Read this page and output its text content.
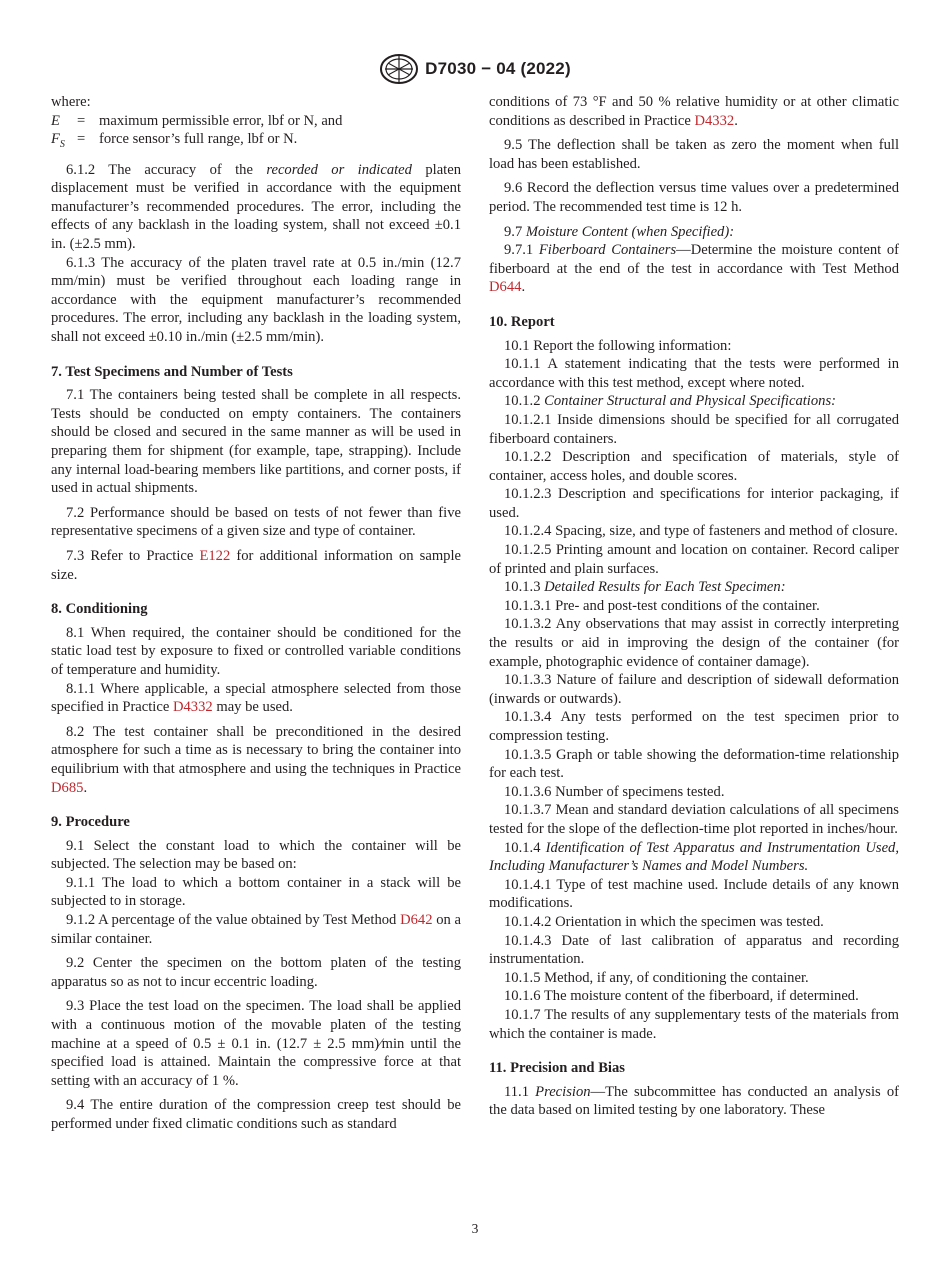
D7030 − 04 (2022)

where:

E	= maximum permissible error, lbf or N, and
$F_S$ = force sensor’s full range, lbf or N.

6.1.2 The accuracy of the recorded or indicated platen displacement must be verified in accordance with the equipment manufacturer’s recommended procedures. The error, including the effects of any backlash in the loading system, shall not exceed ±0.1 in. (±2.5 mm).

6.1.3 The accuracy of the platen travel rate at 0.5 in./min (12.7 mm/min) must be verified throughout each loading range in accordance with the equipment manufacturer’s recommended procedures. The error, including any backlash in the loading system, shall not exceed ±0.10 in./min (±2.5 mm/min).

7. Test Specimens and Number of Tests

7.1 The containers being tested shall be complete in all respects. Tests should be conducted on empty containers. The containers should be closed and secured in the same manner as will be used in preparing them for shipment (for example, tape, strapping). Include any internal load-bearing members like partitions, and corner posts, if used in actual shipments.

7.2 Performance should be based on tests of not fewer than five representative specimens of a given size and type of container.

7.3 Refer to Practice E122 for additional information on sample size.

8. Conditioning

8.1 When required, the container should be conditioned for the static load test by exposure to fixed or controlled variable conditions of temperature and humidity.

8.1.1 Where applicable, a special atmosphere selected from those specified in Practice D4332 may be used.

8.2 The test container shall be preconditioned in the desired atmosphere for such a time as is necessary to bring the container into equilibrium with that atmosphere and using the techniques in Practice D685.

9. Procedure

9.1 Select the constant load to which the container will be subjected. The selection may be based on:

9.1.1 The load to which a bottom container in a stack will be subjected to in storage.

9.1.2 A percentage of the value obtained by Test Method D642 on a similar container.

9.2 Center the specimen on the bottom platen of the testing apparatus so as not to incur eccentric loading.

9.3 Place the test load on the specimen. The load shall be applied with a continuous motion of the movable platen of the testing machine at a speed of 0.5 ± 0.1 in. (12.7 ± 2.5 mm)⁄min until the specified load is attained. Maintain the compressive force at that setting with an accuracy of 1 %.

9.4 The entire duration of the compression creep test should be performed under fixed climatic conditions such as standard

conditions of 73 °F and 50 % relative humidity or at other climatic conditions as described in Practice D4332.

9.5 The deflection shall be taken as zero the moment when full load has been established.

9.6 Record the deflection versus time values over a predetermined period. The recommended test time is 12 h.

9.7 Moisture Content (when Specified):

9.7.1 Fiberboard Containers—Determine the moisture content of fiberboard at the end of the test in accordance with Test Method D644.

10. Report

10.1 Report the following information:

10.1.1 A statement indicating that the tests were performed in accordance with this test method, except where noted.

10.1.2 Container Structural and Physical Specifications:

10.1.2.1 Inside dimensions should be specified for all corrugated fiberboard containers.

10.1.2.2 Description and specification of materials, style of container, access holes, and double scores.

10.1.2.3 Description and specifications for interior packaging, if used.

10.1.2.4 Spacing, size, and type of fasteners and method of closure.

10.1.2.5 Printing amount and location on container. Record caliper of printed and plain surfaces.

10.1.3 Detailed Results for Each Test Specimen:

10.1.3.1 Pre- and post-test conditions of the container.

10.1.3.2 Any observations that may assist in correctly interpreting the results or aid in improving the design of the container (for example, photographic evidence of container damage).

10.1.3.3 Nature of failure and description of sidewall deformation (inwards or outwards).

10.1.3.4 Any tests performed on the test specimen prior to compression testing.

10.1.3.5 Graph or table showing the deformation-time relationship for each test.

10.1.3.6 Number of specimens tested.

10.1.3.7 Mean and standard deviation calculations of all specimens tested for the slope of the deflection-time plot reported in inches/hour.

10.1.4 Identification of Test Apparatus and Instrumentation Used, Including Manufacturer’s Names and Model Numbers.

10.1.4.1 Type of test machine used. Include details of any known modifications.

10.1.4.2 Orientation in which the specimen was tested.

10.1.4.3 Date of last calibration of apparatus and recording instrumentation.

10.1.5 Method, if any, of conditioning the container.

10.1.6 The moisture content of the fiberboard, if determined.

10.1.7 The results of any supplementary tests of the materials from which the container is made.

11. Precision and Bias

11.1 Precision—The subcommittee has conducted an analysis of the data based on limited testing by one laboratory. These

3
